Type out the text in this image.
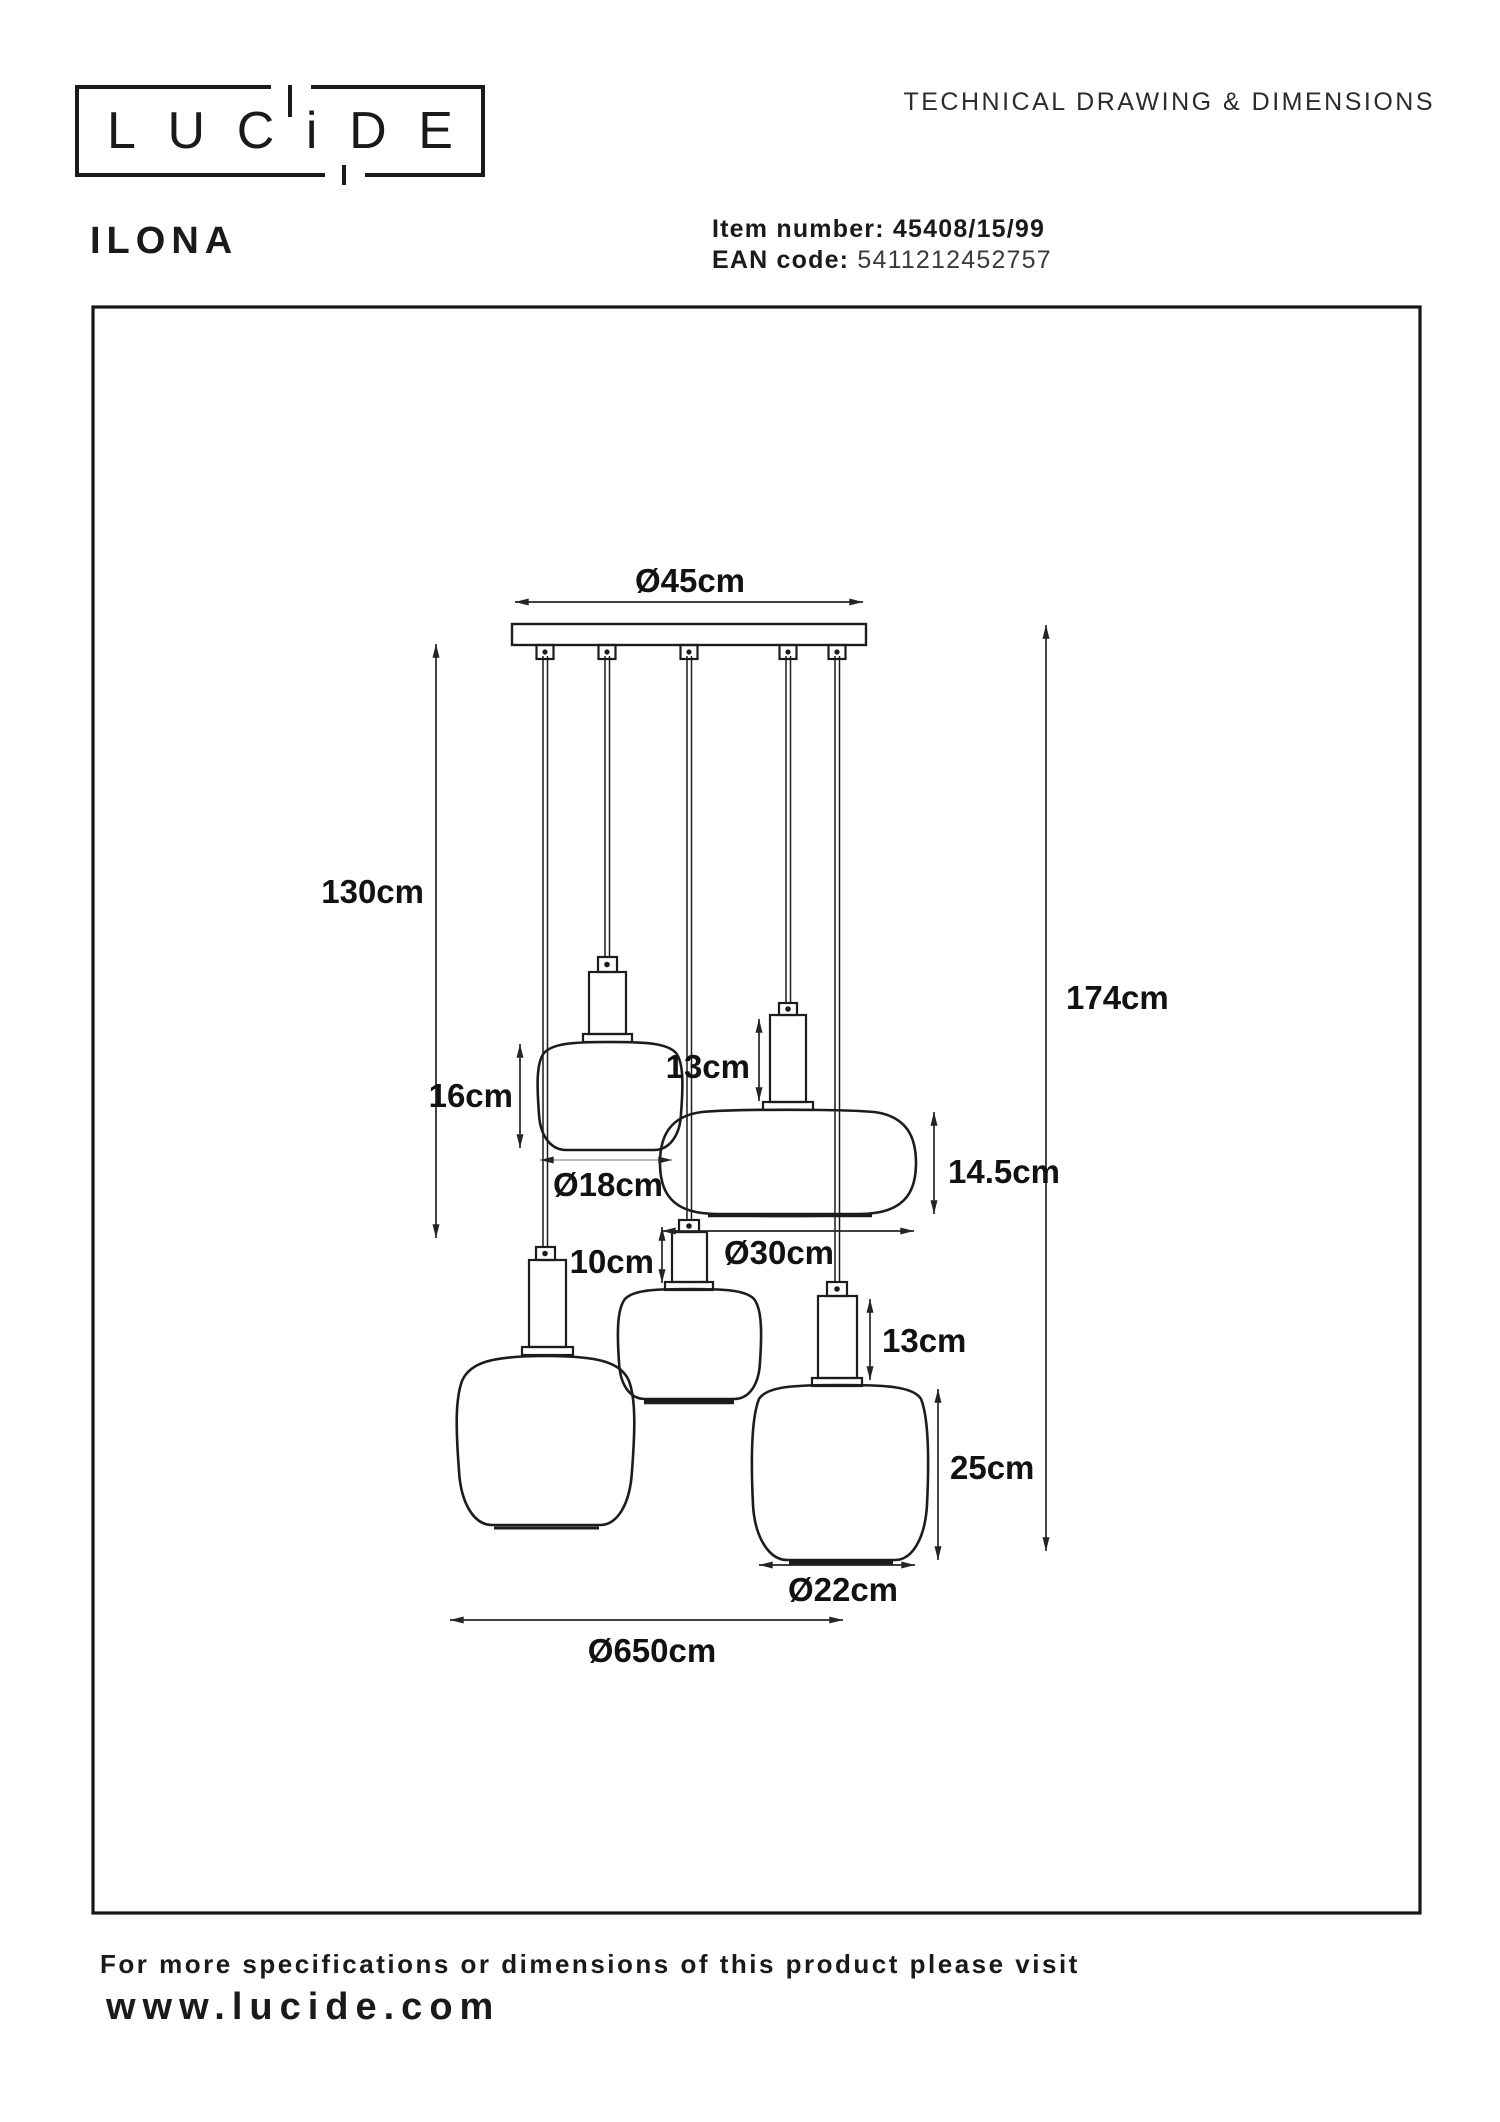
L U C i D E	TECHNICAL DRAWING & DIMENSIONS
ILONA	Item number: 45408/15/99
EAN code: 5411212452757
Ø45cm
130cm
174cm
16cm
Ø18cm
13cm
14.5cm
Ø30cm
10cm
13cm
25cm
Ø22cm
Ø650cm
For more specifications or dimensions of this product please visit
www.lucide.com
